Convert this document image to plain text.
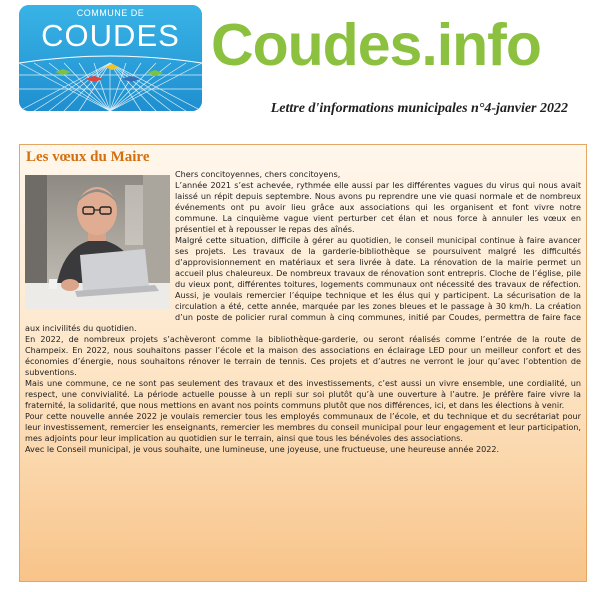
COMMUNE DE
COUDES Coudes.info
Lettre d'informations municipales n°4-janvier 2022
Les vœux du Maire

Chers concitoyennes, chers concitoyens,

L’année 2021 s’est achevée, rythmée elle aussi par les différentes vagues du virus qui nous avait laissé un répit depuis septembre. Nous avons pu reprendre une vie quasi normale et de nombreux événements ont pu avoir lieu grâce aux associations qui les organisent et font vivre notre commune. La cinquième vague vient perturber cet élan et nous force à annuler les vœux en présentiel et à repousser le repas des aînés.

Malgré cette situation, difficile à gérer au quotidien, le conseil municipal continue à faire avancer ses projets. Les travaux de la garderie-bibliothèque se poursuivent malgré les difficultés d’approvisionnement en matériaux et sera livrée à date. La rénovation de la mairie permet un accueil plus chaleureux. De nombreux travaux de rénovation sont entrepris. Cloche de l’église, pile du vieux pont, différentes toitures, logements communaux ont nécessité des travaux de réfection. Aussi, je voulais remercier l’équipe technique et les élus qui y participent. La sécurisation de la circulation a été, cette année, marquée par les zones bleues et le passage à 30 km/h. La création d’un poste de policier rural commun à cinq communes, initié par Coudes, permettra de faire face aux incivilités du quotidien.

En 2022, de nombreux projets s’achèveront comme la bibliothèque-garderie, ou seront réalisés comme l’entrée de la route de Champeix. En 2022, nous souhaitons passer l’école et la maison des associations en éclairage LED pour un meilleur confort et des économies d’énergie, nous souhaitons rénover le terrain de tennis. Ces projets et d’autres ne verront le jour qu’avec l’obtention de subventions.

Mais une commune, ce ne sont pas seulement des travaux et des investissements, c’est aussi un vivre ensemble, une cordialité, un respect, une convivialité. La période actuelle pousse à un repli sur soi plutôt qu’à une ouverture à l’autre. Je préfère faire vivre la fraternité, la solidarité, que nous mettions en avant nos points communs plutôt que nos différences, ici, et dans les élections à venir.

Pour cette nouvelle année 2022 je voulais remercier tous les employés communaux de l’école, et du technique et du secrétariat pour leur investissement, remercier les enseignants, remercier les membres du conseil municipal pour leur engagement et leur participation, mes adjoints pour leur implication au quotidien sur le terrain, ainsi que tous les bénévoles des associations.

Avec le Conseil municipal, je vous souhaite, une lumineuse, une joyeuse, une fructueuse, une heureuse année 2022.
